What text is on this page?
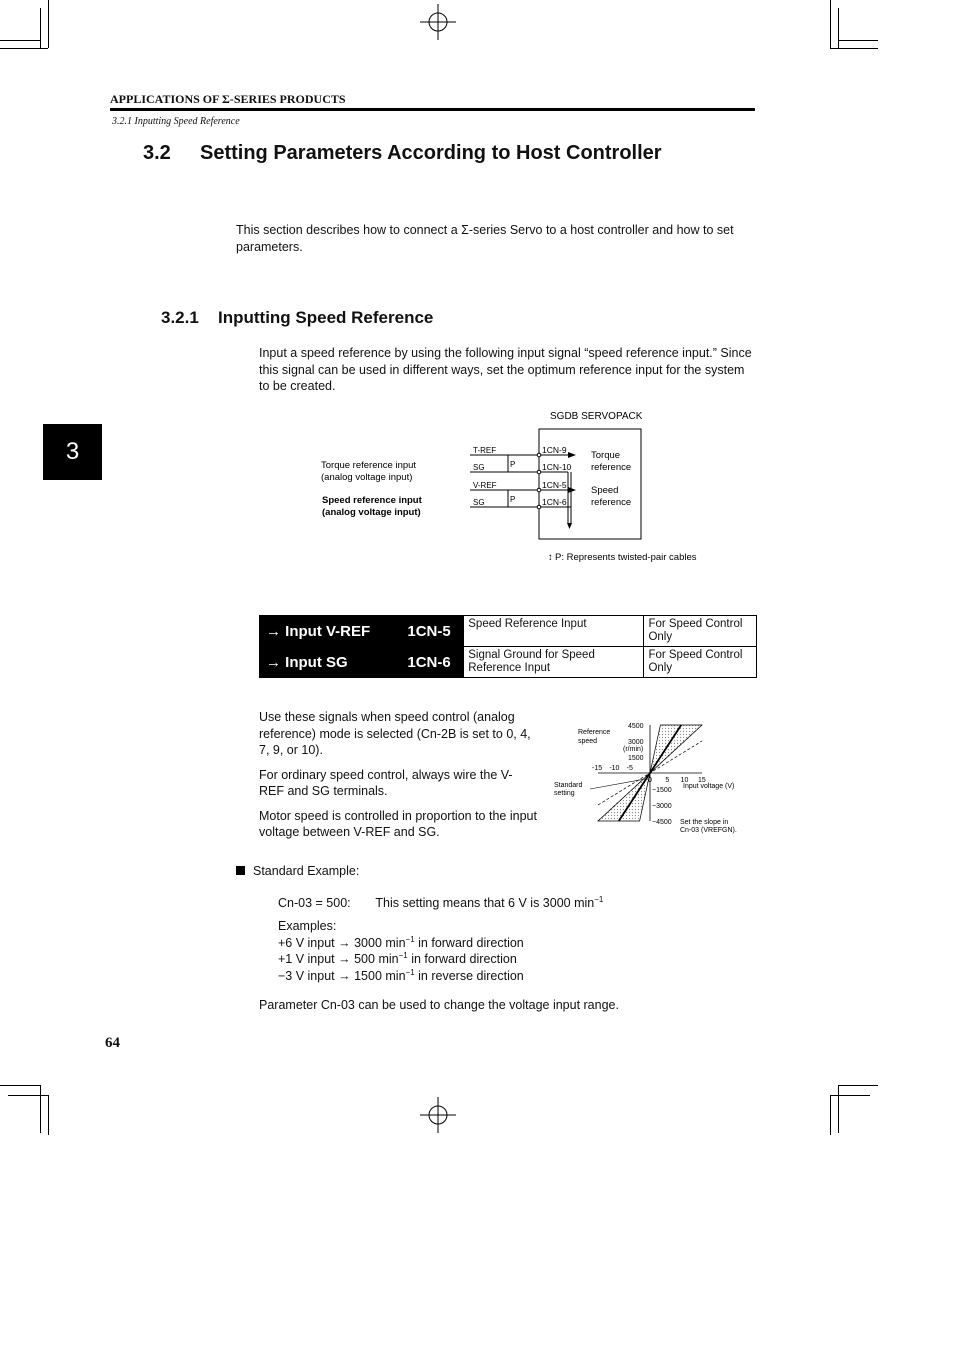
APPLICATIONS OF Σ-SERIES PRODUCTS
3.2.1 Inputting Speed Reference
3.2 Setting Parameters According to Host Controller
This section describes how to connect a Σ-series Servo to a host controller and how to set
parameters.
3.2.1 Inputting Speed Reference
Input a speed reference by using the following input signal “speed reference input.” Since
this signal can be used in different ways, set the optimum reference input for the system
to be created.
3
SGDB SERVOPACK
Torque reference input
(analog voltage input)
Speed reference input
(analog voltage input)
T-REF
SG
V-REF
SG
P
P
1CN-9
1CN-10
1CN-5
1CN-6
Torque
reference
Speed
reference
↕ P: Represents twisted-pair cables
→ Input V-REF	1CN-5	Speed Reference Input	For Speed Control Only
→ Input SG	1CN-6	Signal Ground for Speed Reference Input	For Speed Control Only
Use these signals when speed control (analog
reference) mode is selected (Cn-2B is set to 0, 4,
7, 9, or 10).
For ordinary speed control, always wire the V-
REF and SG terminals.
Motor speed is controlled in proportion to the input
voltage between V-REF and SG.
Reference
speed
(r/min)
Input voltage (V)
Standard
setting
Set the slope in
Cn-03 (VREFGN).
-15 -10 -5
0 5 10 15
4500
3000
1500
−1500
−3000
−4500
Standard Example:
Cn-03 = 500: This setting means that 6 V is 3000 $\min^{-1}$
Examples:
+6 V input → 3000 $\min^{-1}$ in forward direction
+1 V input → 500 $\min^{-1}$ in forward direction
−3 V input → 1500 $\min^{-1}$ in reverse direction
Parameter Cn-03 can be used to change the voltage input range.
64
